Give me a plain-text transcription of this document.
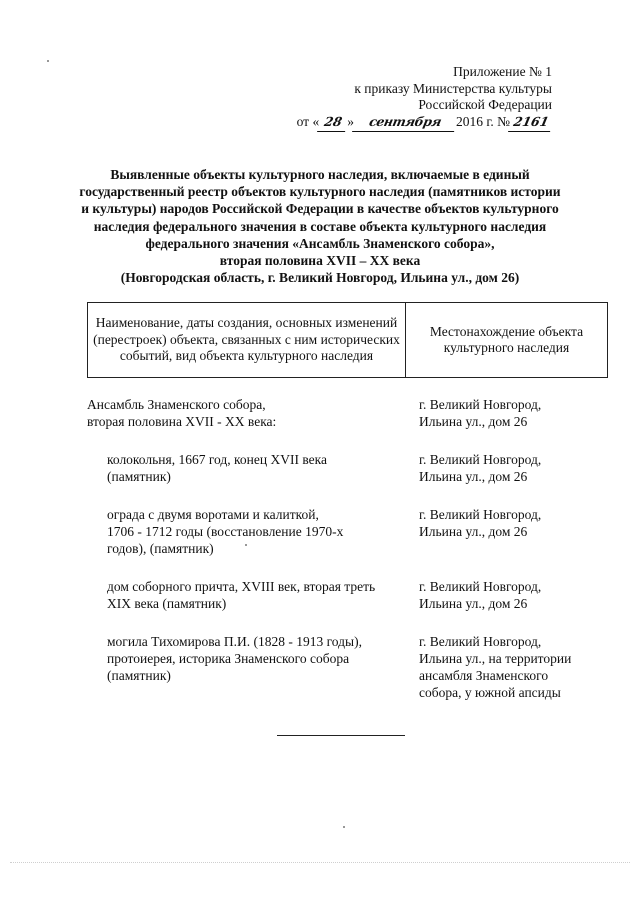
Приложение № 1
к приказу Министерства культуры
Российской Федерации
от « 28 » сентября 2016 г. № 2161
Выявленные объекты культурного наследия, включаемые в единый
государственный реестр объектов культурного наследия (памятников истории
и культуры) народов Российской Федерации в качестве объектов культурного
наследия федерального значения в составе объекта культурного наследия
федерального значения «Ансамбль Знаменского собора»,
вторая половина XVII – XX века
(Новгородская область, г. Великий Новгород, Ильина ул., дом 26)
Наименование, даты создания, основных изменений (перестроек) объекта, связанных с ним исторических событий, вид объекта культурного наследия
Местонахождение объекта культурного наследия
Ансамбль Знаменского собора,
вторая половина XVII - XX века:
г. Великий Новгород,
Ильина ул., дом 26
колокольня, 1667 год, конец XVII века
(памятник)
г. Великий Новгород,
Ильина ул., дом 26
ограда с двумя воротами и калиткой,
1706 - 1712 годы (восстановление 1970-х
годов), (памятник)
г. Великий Новгород,
Ильина ул., дом 26
дом соборного причта, XVIII век, вторая треть
XIX века (памятник)
г. Великий Новгород,
Ильина ул., дом 26
могила Тихомирова П.И. (1828 - 1913 годы),
протоиерея, историка Знаменского собора
(памятник)
г. Великий Новгород,
Ильина ул., на территории
ансамбля Знаменского
собора, у южной апсиды
